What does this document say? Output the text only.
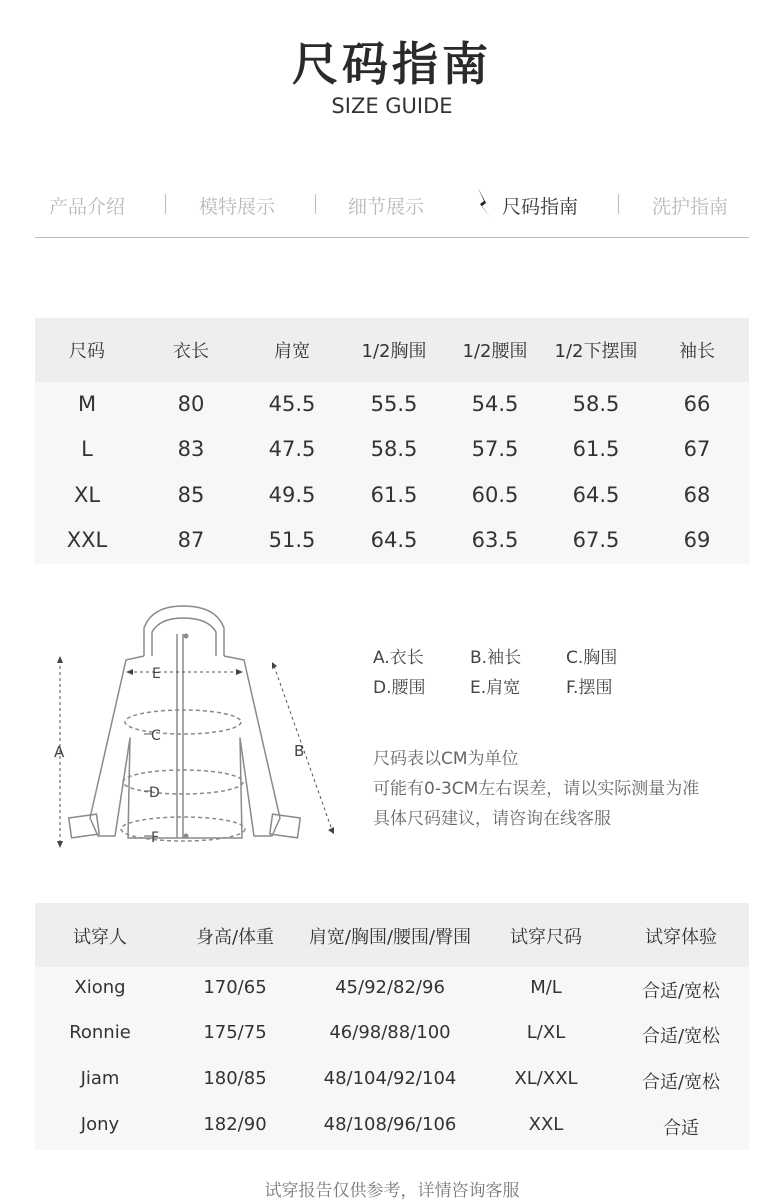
尺码指南
SIZE GUIDE
产品介绍	模特展示	细节展示	尺码指南	洗护指南
尺码	衣长	肩宽	1/2胸围	1/2腰围	1/2下摆围	袖长
M	80	45.5	55.5	54.5	58.5	66
L	83	47.5	58.5	57.5	61.5	67
XL	85	49.5	61.5	60.5	64.5	68
XXL	87	51.5	64.5	63.5	67.5	69
A	B
C
D
E
F
A.衣长	B.袖长	C.胸围
D.腰围	E.肩宽	F.摆围
尺码表以CM为单位
可能有0-3CM左右误差，请以实际测量为准
具体尺码建议，请咨询在线客服
试穿人	身高/体重	肩宽/胸围/腰围/臀围	试穿尺码	试穿体验
Xiong	170/65	45/92/82/96	M/L	合适/宽松
Ronnie	175/75	46/98/88/100	L/XL	合适/宽松
Jiam	180/85	48/104/92/104	XL/XXL	合适/宽松
Jony	182/90	48/108/96/106	XXL	合适
试穿报告仅供参考，详情咨询客服
